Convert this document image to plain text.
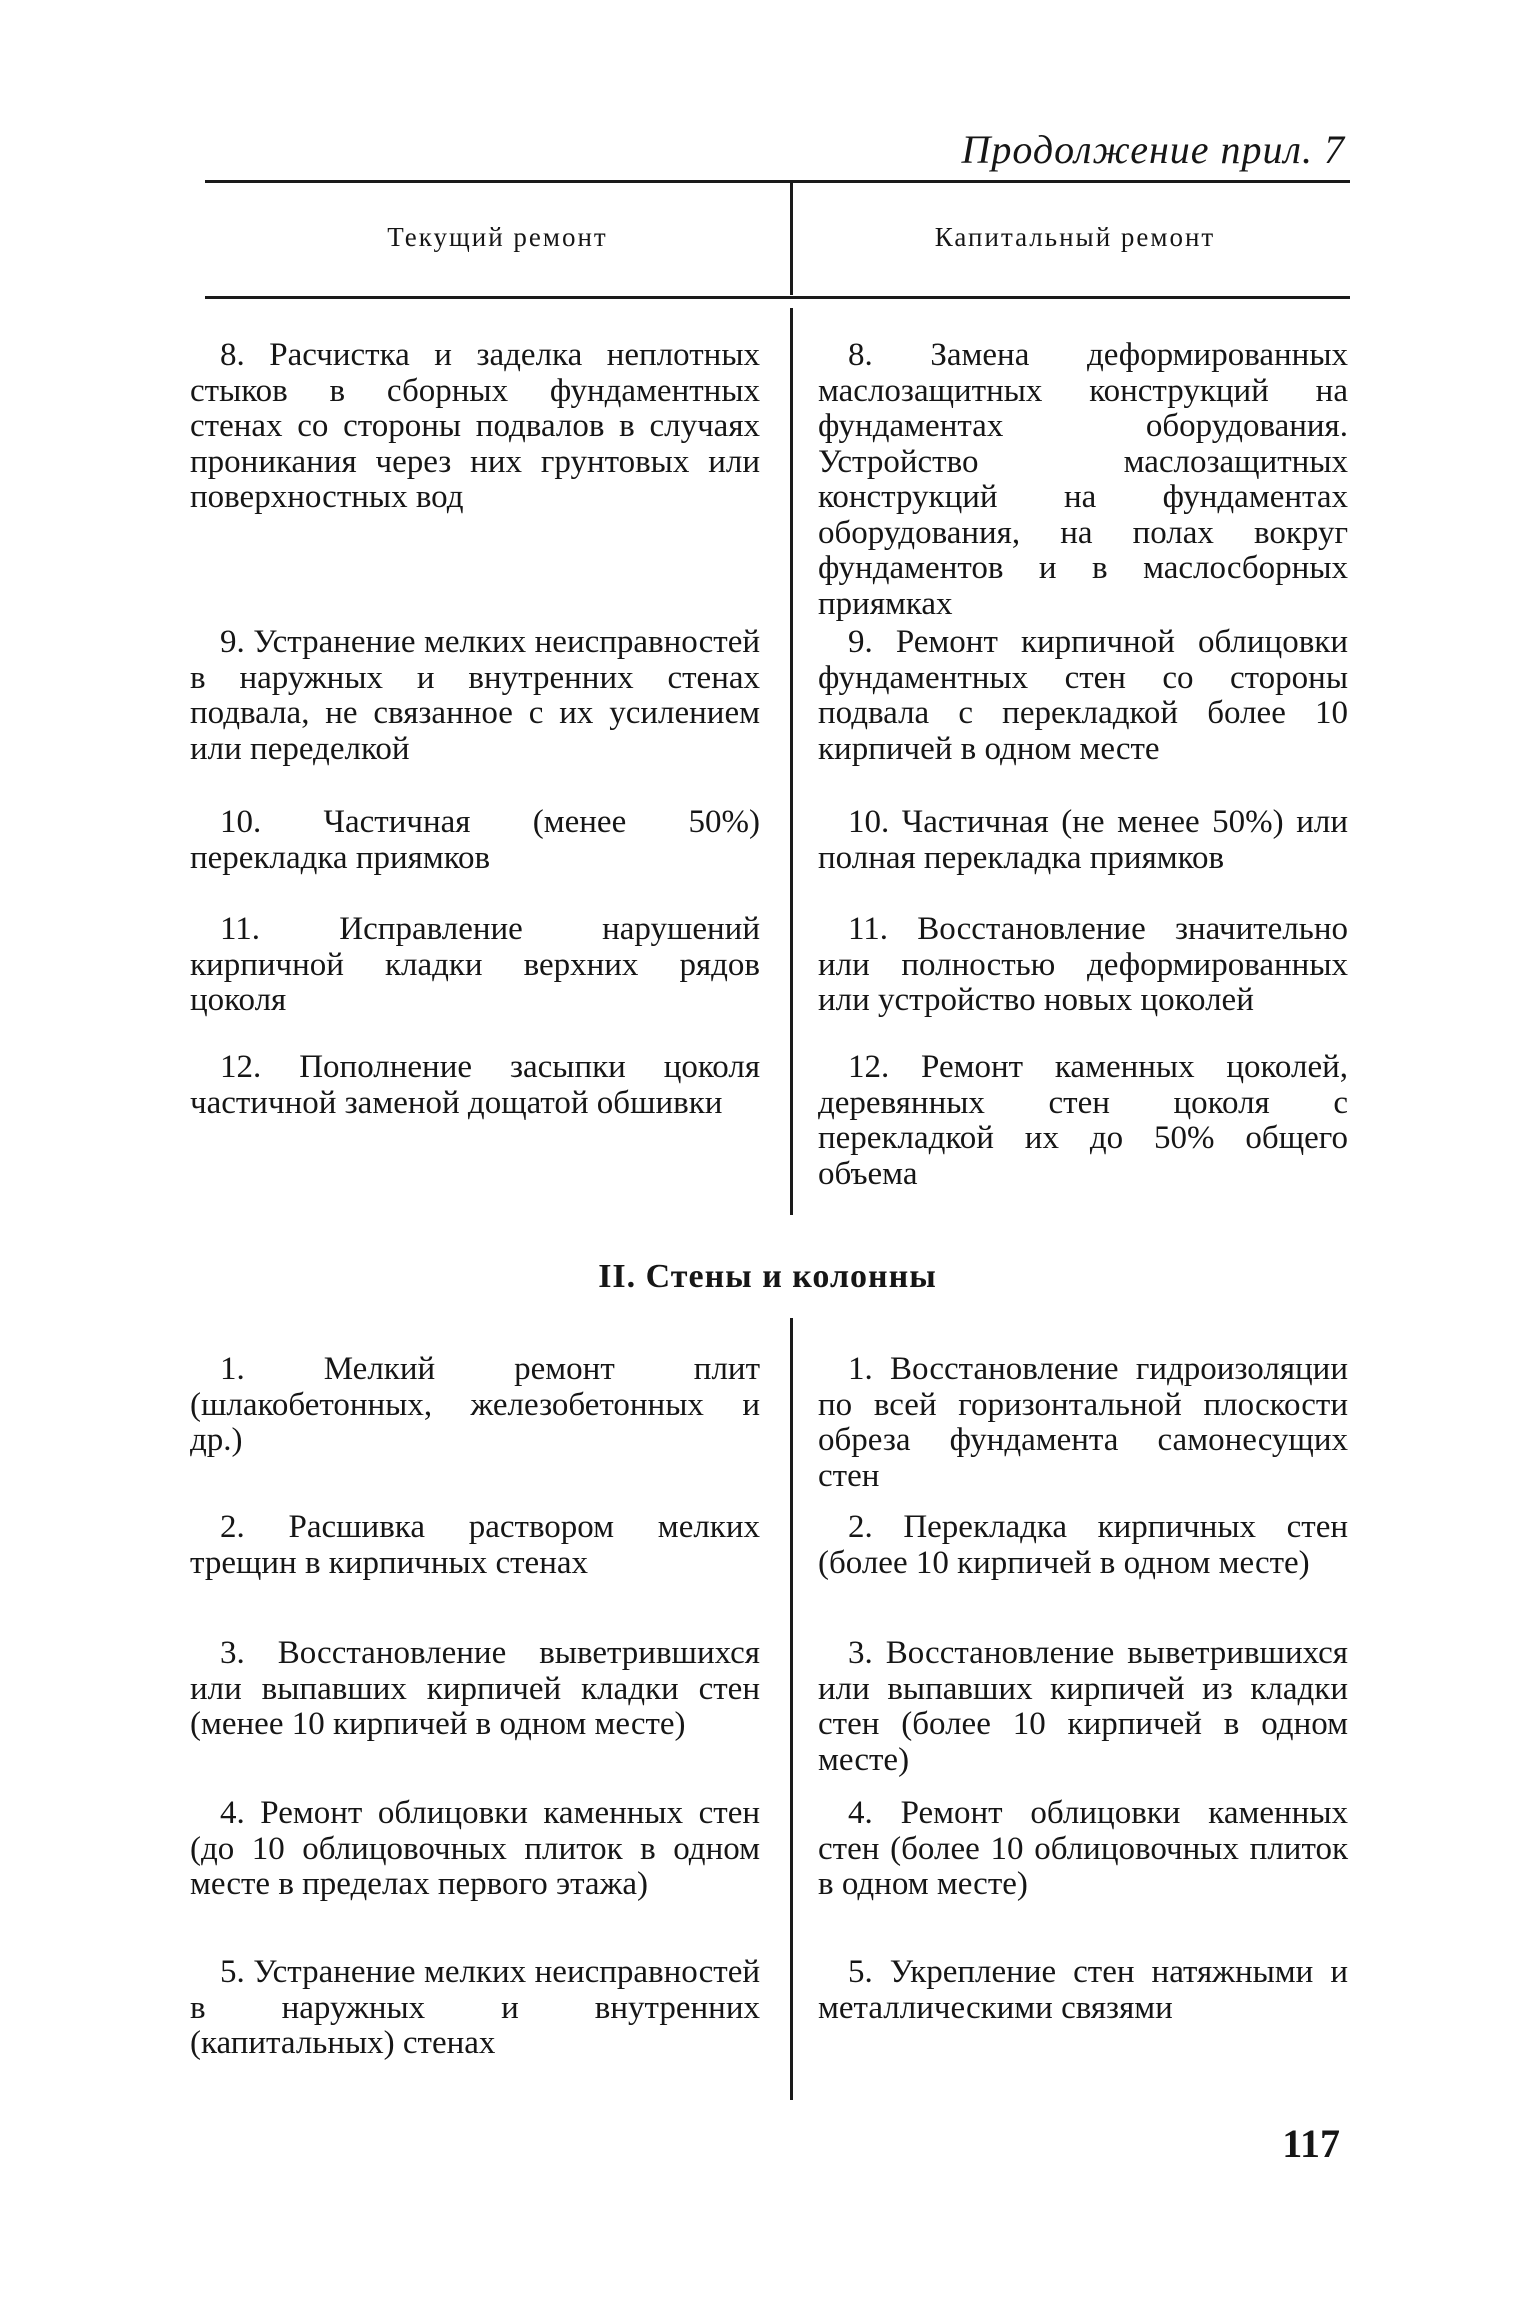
Продолжение прил. 7
Текущий ремонт	Капитальный ремонт
8. Расчистка и заделка неплотных стыков в сборных фундаментных стенах со стороны подвалов в случаях проникания через них грунтовых или поверхностных вод
8. Замена деформированных маслозащитных конструкций на фундаментах оборудования. Устройство маслозащитных конструкций на фундаментах оборудования, на полах вокруг фундаментов и в маслосборных приямках
9. Устранение мелких неисправностей в наружных и внутренних стенах подвала, не связанное с их усилением или переделкой
9. Ремонт кирпичной облицовки фундаментных стен со стороны подвала с перекладкой более 10 кирпичей в одном месте
10. Частичная (менее 50%) перекладка приямков
10. Частичная (не менее 50%) или полная перекладка приямков
11. Исправление нарушений кирпичной кладки верхних рядов цоколя
11. Восстановление значительно или полностью деформированных или устройство новых цоколей
12. Пополнение засыпки цоколя частичной заменой дощатой обшивки
12. Ремонт каменных цоколей, деревянных стен цоколя с перекладкой их до 50% общего объема
II. Стены и колонны
1. Мелкий ремонт плит (шлакобетонных, железобетонных и др.)
1. Восстановление гидроизоляции по всей горизонтальной плоскости обреза фундамента самонесущих стен
2. Расшивка раствором мелких трещин в кирпичных стенах
2. Перекладка кирпичных стен (более 10 кирпичей в одном месте)
3. Восстановление выветрившихся или выпавших кирпичей кладки стен (менее 10 кирпичей в одном месте)
3. Восстановление выветрившихся или выпавших кирпичей из кладки стен (более 10 кирпичей в одном месте)
4. Ремонт облицовки каменных стен (до 10 облицовочных плиток в одном месте в пределах первого этажа)
4. Ремонт облицовки каменных стен (более 10 облицовочных плиток в одном месте)
5. Устранение мелких неисправностей в наружных и внутренних (капитальных) стенах
5. Укрепление стен натяжными и металлическими связями
117
